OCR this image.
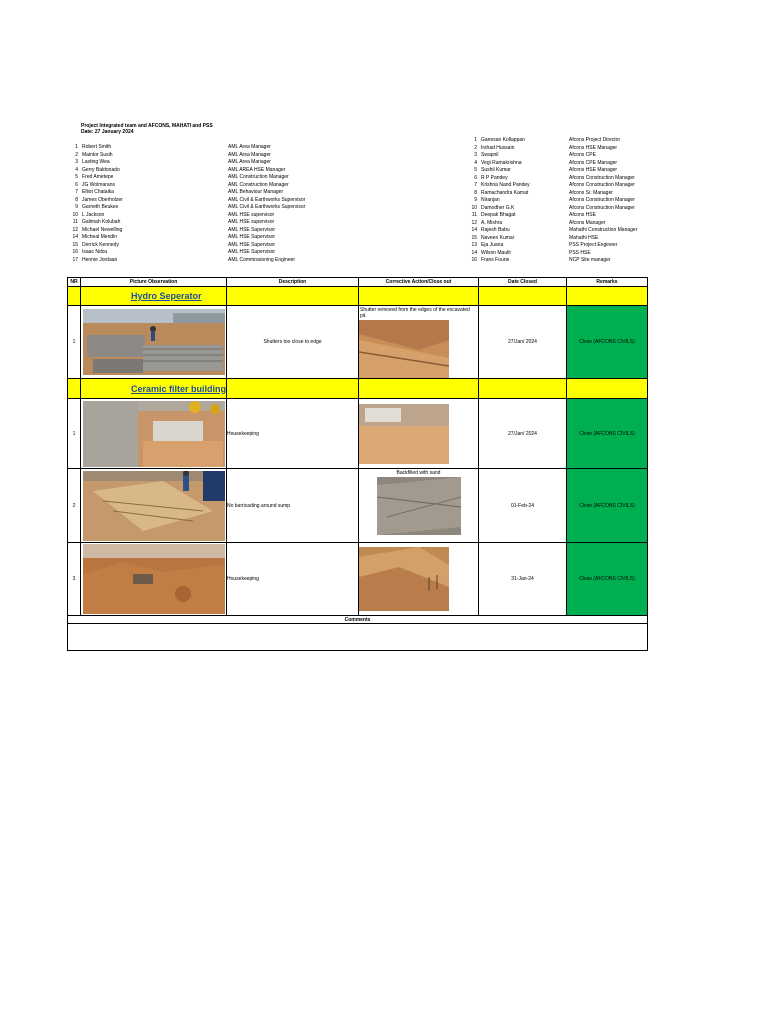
Project Integrated team and AFCONS, MAHATI and PSS
Date: 27 January 2024
1 Robert Smith	AML Area Manager
2 Maintor Susih	AML Area Manager
3 Lasting Wea	AML Area Manager
4 Gerry Baldonado	AML AREA HSE Manager
5 Fred Ametepe	AML Construction Manager
6 JG Wolmarans	AML Construction Manager
7 Elliot Chataika	AML Behaviour Manager
8 James Oberholzer	AML Civil & Earthworks Supervisor
9 Garneth Beukes	AML Civil & Earthworks Supervisor
10 L Jackson	AML HSE supervisor
11 Galimah Kolubah	AML HSE supervisor
12 Michael Newelling	AML HSE Supervisor
14 Micheal Mendin	AML HSE Supervisor
15 Derrick Kennedy	AML HSE Supervisor
16 Isaac Ndou	AML HSE Supervisor
17 Hennie Jordaan	AML Commissioning Engineer
1 Ganesan Kollappan	Afcons Project Director
2 Irshad Hussain	Afcons HSE Manager
3 Swapnil	Afcons CPE
4 Vegi Ramakrishna	Afcons CPE Manager
5 Sushil Kumar	Afcons HSE Manager
6 R P Pandey	Afcons Construction Manager
7 Krishna Nand Pandey	Afcons Construction Manager
8 Ramachandra Kamat	Afcons Sr. Manager
9 Niranjan	Afcons Construction Manager
10 Damodher G.K	Afcons Construction Manager
11 Deepak Bhagat	Afcons HSE
12 A. Mishra	Afcons Manager
14 Rajesh Babu	Mahathi Construction Manager
15 Naveen Kumar	Mahathi HSE
13 Eja Juana	PSS Project Engineer
14 Wilson Maulit	PSS HSE
16 Frans Fourie	NCP Site manager
NR	Picture Observation	Description	Corrective Action/Close out	Date Closed	Remarks
	Hydro Seperator				
1		Shutters too close to edge	Shutter removed from the edges of the excavated pit.	27/Jan/ 2024	Close (AFCONS CIVILS)
	Ceramic filter building				
1		Housekeeping		27/Jan/ 2024	Close (AFCONS CIVILS)
2		No barricading around sump	Backfilled with sand	01-Feb-24	Close (AFCONS CIVILS)
3		Housekeeping		31-Jan-24	Close (AFCONS CIVILS)
Comments					
